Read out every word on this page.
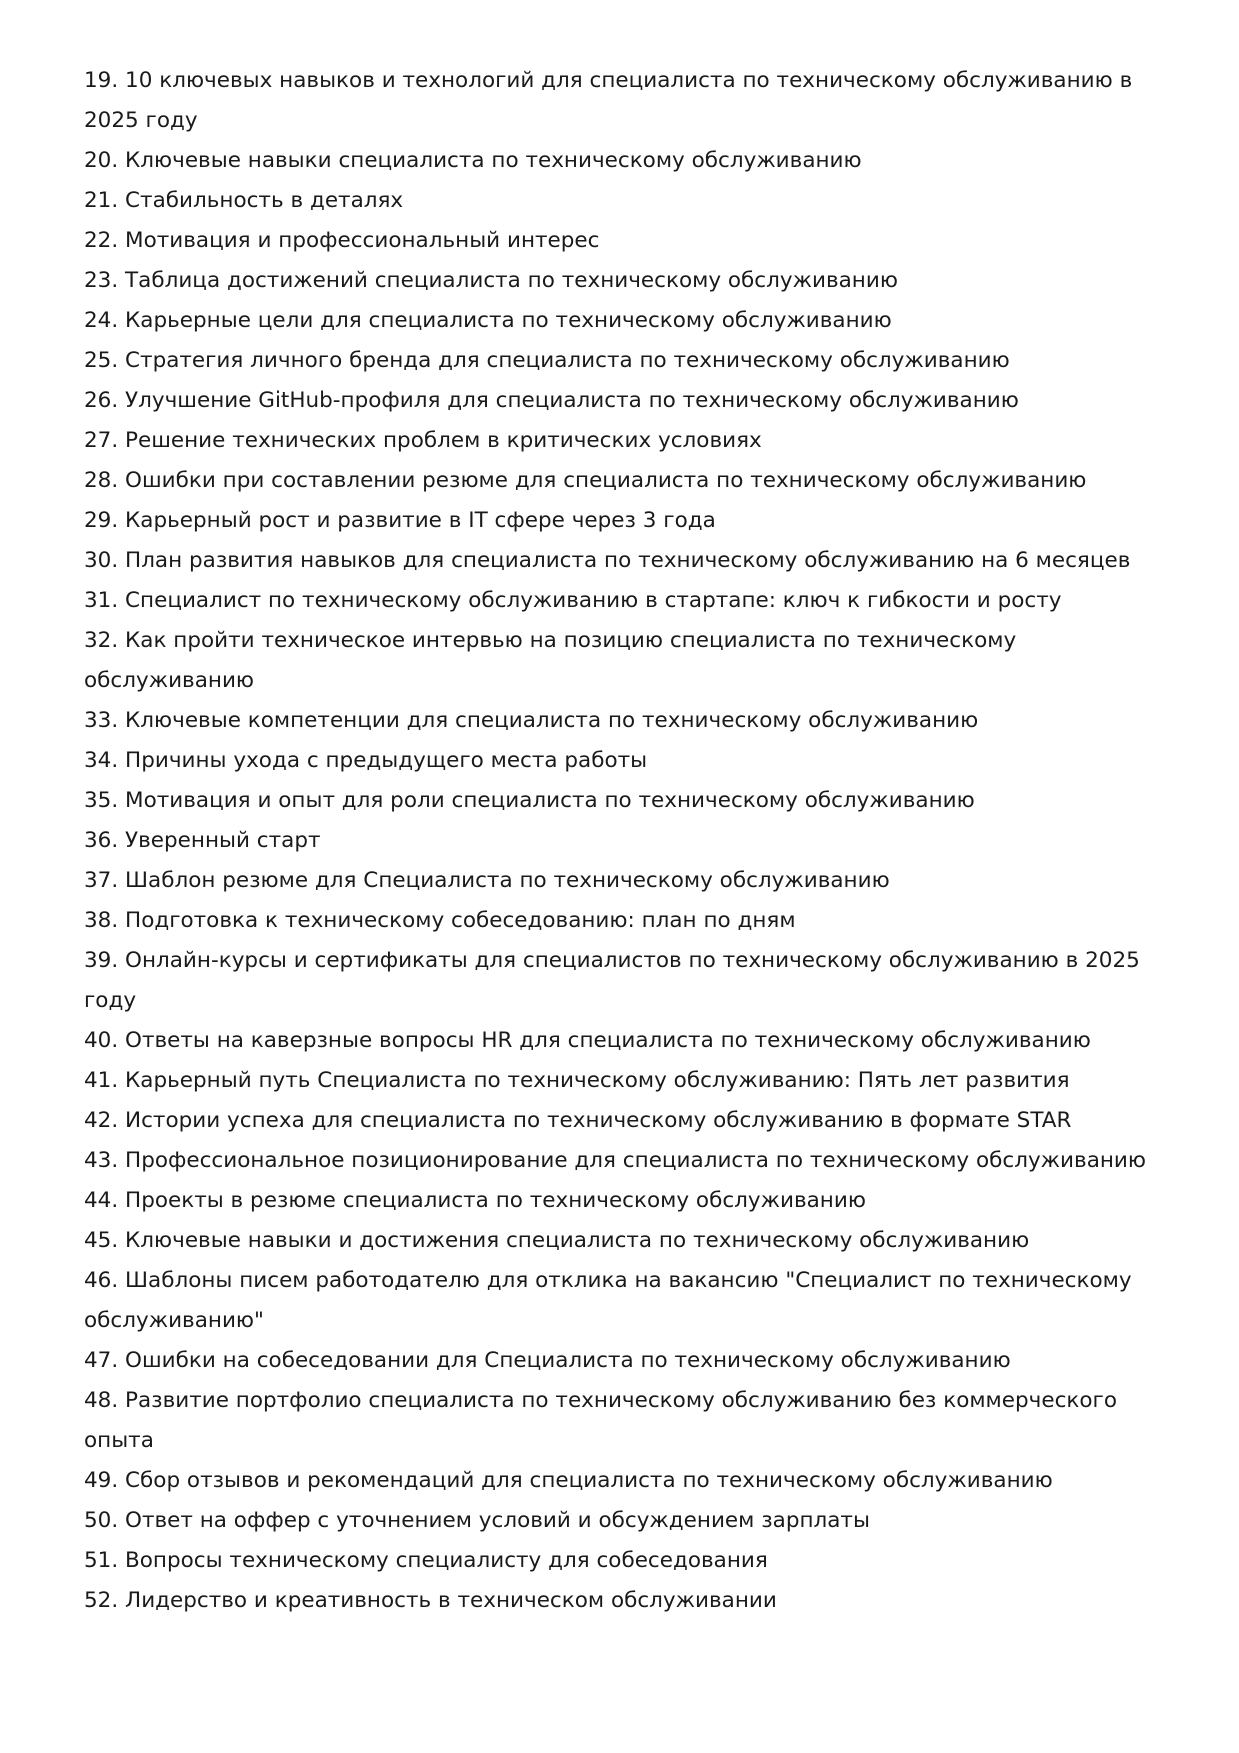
19. 10 ключевых навыков и технологий для специалиста по техническому обслуживанию в 2025 году
20. Ключевые навыки специалиста по техническому обслуживанию
21. Стабильность в деталях
22. Мотивация и профессиональный интерес
23. Таблица достижений специалиста по техническому обслуживанию
24. Карьерные цели для специалиста по техническому обслуживанию
25. Стратегия личного бренда для специалиста по техническому обслуживанию
26. Улучшение GitHub-профиля для специалиста по техническому обслуживанию
27. Решение технических проблем в критических условиях
28. Ошибки при составлении резюме для специалиста по техническому обслуживанию
29. Карьерный рост и развитие в IT сфере через 3 года
30. План развития навыков для специалиста по техническому обслуживанию на 6 месяцев
31. Специалист по техническому обслуживанию в стартапе: ключ к гибкости и росту
32. Как пройти техническое интервью на позицию специалиста по техническому обслуживанию
33. Ключевые компетенции для специалиста по техническому обслуживанию
34. Причины ухода с предыдущего места работы
35. Мотивация и опыт для роли специалиста по техническому обслуживанию
36. Уверенный старт
37. Шаблон резюме для Специалиста по техническому обслуживанию
38. Подготовка к техническому собеседованию: план по дням
39. Онлайн-курсы и сертификаты для специалистов по техническому обслуживанию в 2025 году
40. Ответы на каверзные вопросы HR для специалиста по техническому обслуживанию
41. Карьерный путь Специалиста по техническому обслуживанию: Пять лет развития
42. Истории успеха для специалиста по техническому обслуживанию в формате STAR
43. Профессиональное позиционирование для специалиста по техническому обслуживанию
44. Проекты в резюме специалиста по техническому обслуживанию
45. Ключевые навыки и достижения специалиста по техническому обслуживанию
46. Шаблоны писем работодателю для отклика на вакансию "Специалист по техническому обслуживанию"
47. Ошибки на собеседовании для Специалиста по техническому обслуживанию
48. Развитие портфолио специалиста по техническому обслуживанию без коммерческого опыта
49. Сбор отзывов и рекомендаций для специалиста по техническому обслуживанию
50. Ответ на оффер с уточнением условий и обсуждением зарплаты
51. Вопросы техническому специалисту для собеседования
52. Лидерство и креативность в техническом обслуживании
